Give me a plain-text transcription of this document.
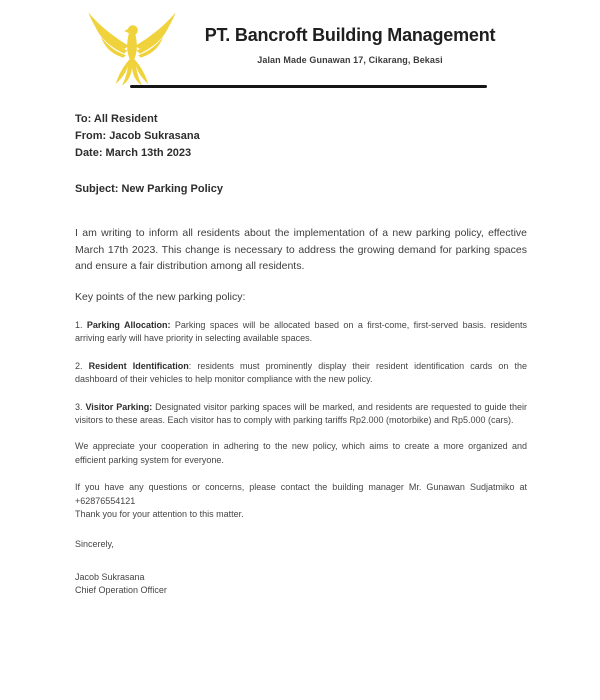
PT. Bancroft Building Management

Jalan Made Gunawan 17, Cikarang, Bekasi

To: All Resident

From: Jacob Sukrasana

Date: March 13th 2023

Subject: New Parking Policy

I am writing to inform all residents about the implementation of a new parking policy, effective March 17th 2023. This change is necessary to address the growing demand for parking spaces and ensure a fair distribution among all residents.

Key points of the new parking policy:

1. Parking Allocation: Parking spaces will be allocated based on a first-come, first-served basis. residents arriving early will have priority in selecting available spaces.

2. Resident Identification: residents must prominently display their resident identification cards on the dashboard of their vehicles to help monitor compliance with the new policy.

3. Visitor Parking: Designated visitor parking spaces will be marked, and residents are requested to guide their visitors to these areas. Each visitor has to comply with parking tariffs Rp2.000 (motorbike) and Rp5.000 (cars).

We appreciate your cooperation in adhering to the new policy, which aims to create a more organized and efficient parking system for everyone.

If you have any questions or concerns, please contact the building manager Mr. Gunawan Sudjatmiko at +62876554121

Thank you for your attention to this matter.

Sincerely,

Jacob Sukrasana

Chief Operation Officer
